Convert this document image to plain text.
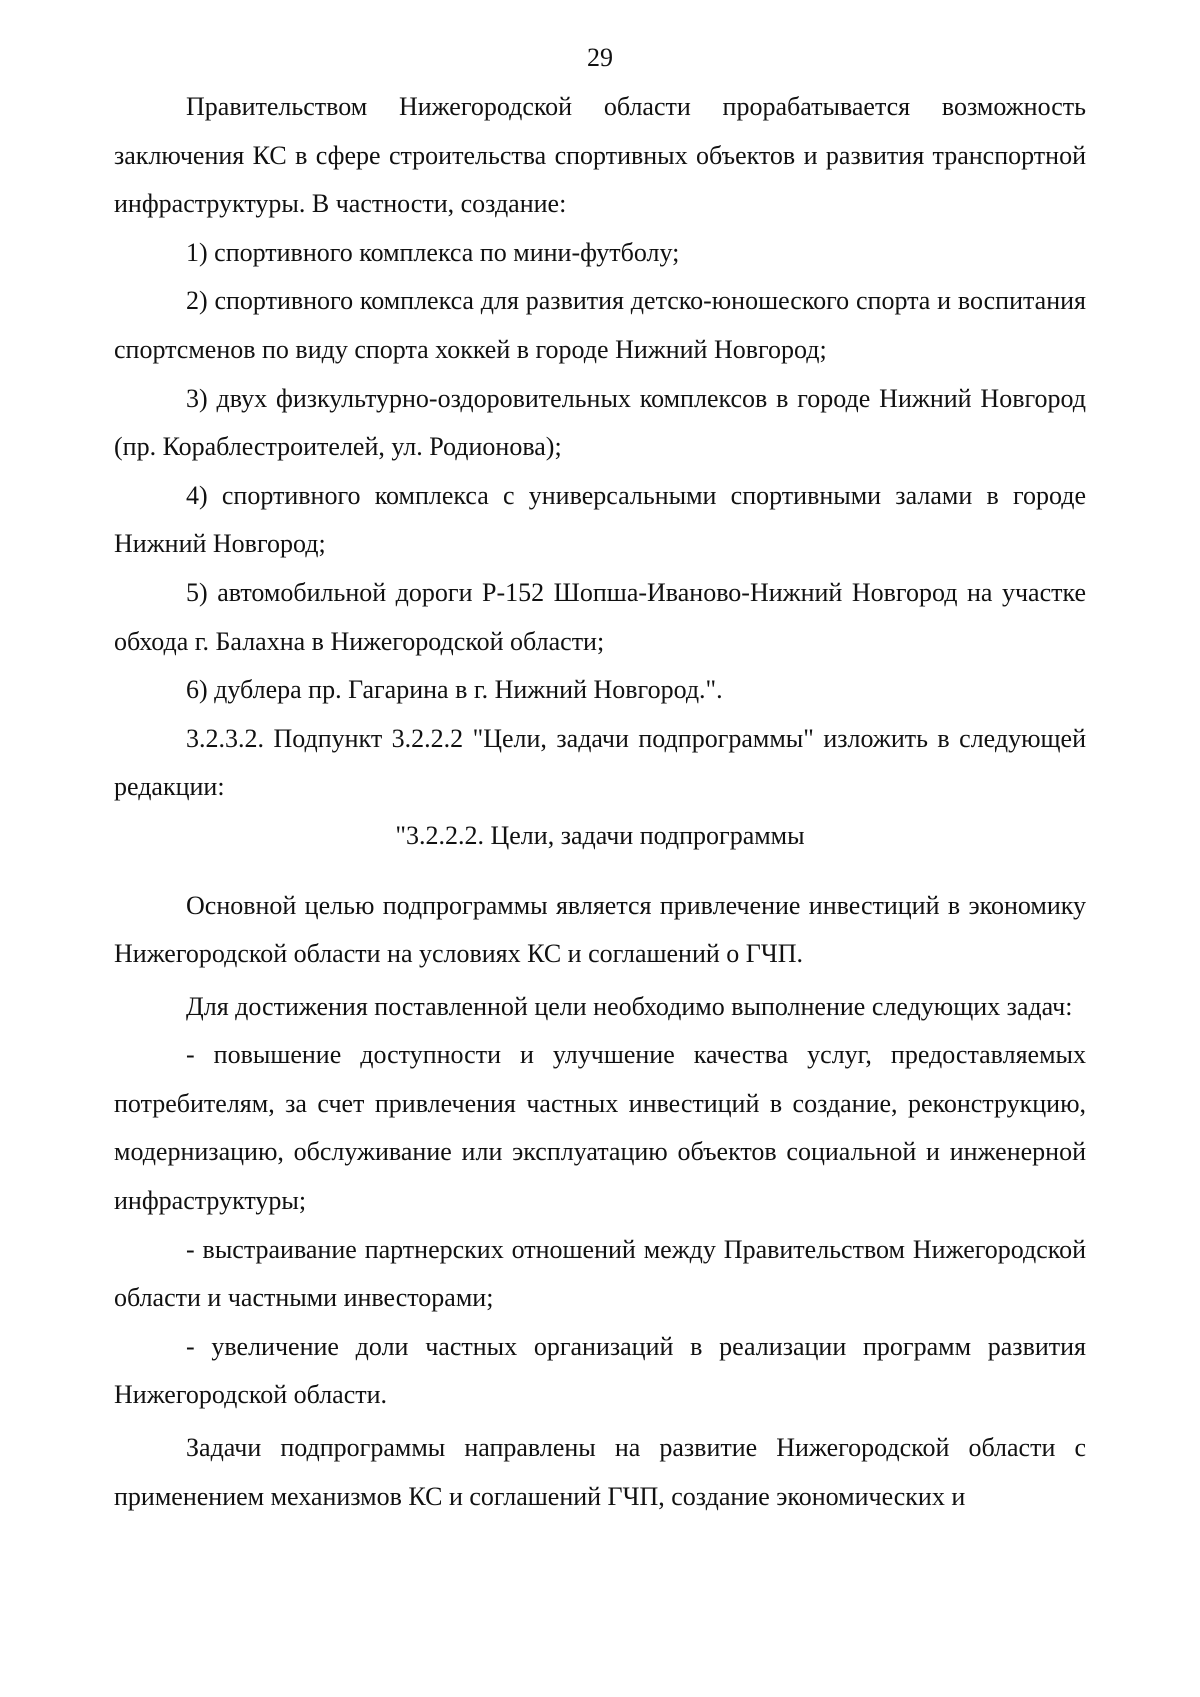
29

Правительством Нижегородской области прорабатывается возможность заключения КС в сфере строительства спортивных объектов и развития транспортной инфраструктуры. В частности, создание:

1) спортивного комплекса по мини-футболу;

2) спортивного комплекса для развития детско-юношеского спорта и воспитания спортсменов по виду спорта хоккей в городе Нижний Новгород;

3) двух физкультурно-оздоровительных комплексов в городе Нижний Новгород (пр. Кораблестроителей, ул. Родионова);

4) спортивного комплекса с универсальными спортивными залами в городе Нижний Новгород;

5) автомобильной дороги Р-152 Шопша-Иваново-Нижний Новгород на участке обхода г. Балахна в Нижегородской области;

6) дублера пр. Гагарина в г. Нижний Новгород.".

3.2.3.2. Подпункт 3.2.2.2 "Цели, задачи подпрограммы" изложить в следующей редакции:

"3.2.2.2. Цели, задачи подпрограммы

Основной целью подпрограммы является привлечение инвестиций в экономику Нижегородской области на условиях КС и соглашений о ГЧП.

Для достижения поставленной цели необходимо выполнение следующих задач:

- повышение доступности и улучшение качества услуг, предоставляемых потребителям, за счет привлечения частных инвестиций в создание, реконструкцию, модернизацию, обслуживание или эксплуатацию объектов социальной и инженерной инфраструктуры;

- выстраивание партнерских отношений между Правительством Нижегородской области и частными инвесторами;

- увеличение доли частных организаций в реализации программ развития Нижегородской области.

Задачи подпрограммы направлены на развитие Нижегородской области с применением механизмов КС и соглашений ГЧП, создание экономических и
